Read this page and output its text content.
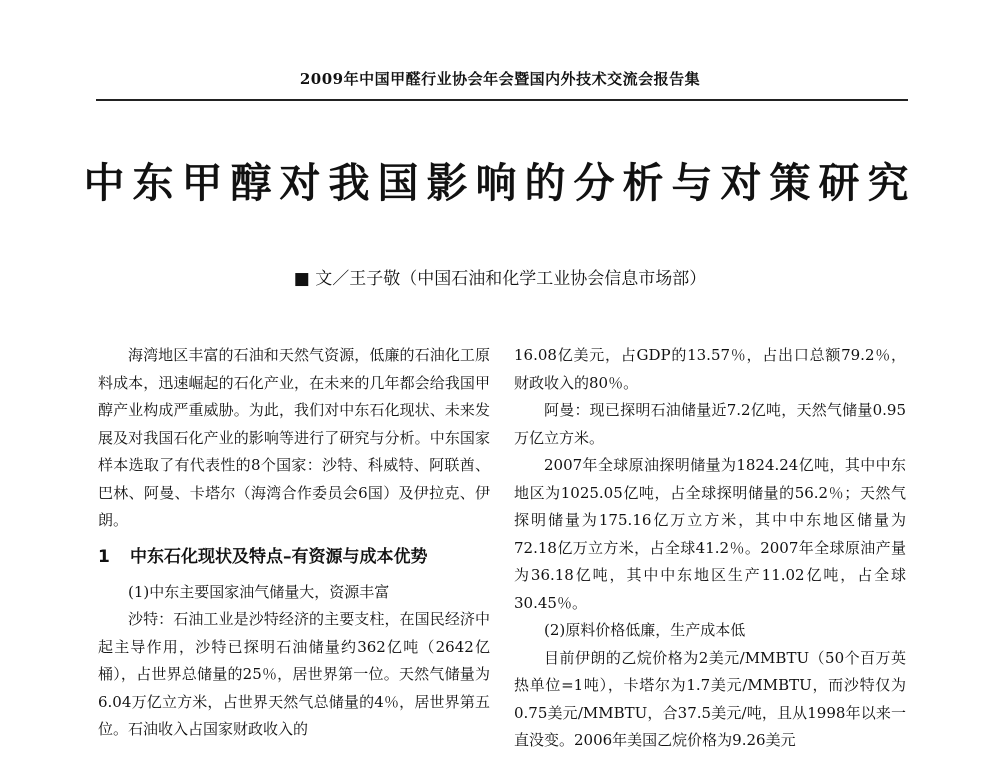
2009年中国甲醛行业协会年会暨国内外技术交流会报告集
中东甲醇对我国影响的分析与对策研究
■ 文／王子敬（中国石油和化学工业协会信息市场部）

海湾地区丰富的石油和天然气资源，低廉的石油化工原料成本，迅速崛起的石化产业，在未来的几年都会给我国甲醇产业构成严重威胁。为此，我们对中东石化现状、未来发展及对我国石化产业的影响等进行了研究与分析。中东国家样本选取了有代表性的8个国家：沙特、科威特、阿联酋、巴林、阿曼、卡塔尔（海湾合作委员会6国）及伊拉克、伊朗。

1 中东石化现状及特点–有资源与成本优势

(1)中东主要国家油气储量大，资源丰富

沙特：石油工业是沙特经济的主要支柱，在国民经济中起主导作用，沙特已探明石油储量约362亿吨（2642亿桶），占世界总储量的25％，居世界第一位。天然气储量为6.04万亿立方米，占世界天然气总储量的4％，居世界第五位。石油收入占国家财政收入的

16.08亿美元，占GDP的13.57％，占出口总额79.2％，财政收入的80％。

阿曼：现已探明石油储量近7.2亿吨，天然气储量0.95万亿立方米。

2007年全球原油探明储量为1824.24亿吨，其中中东地区为1025.05亿吨，占全球探明储量的56.2％；天然气探明储量为175.16亿万立方米，其中中东地区储量为72.18亿万立方米，占全球41.2％。2007年全球原油产量为36.18亿吨，其中中东地区生产11.02亿吨，占全球30.45％。

(2)原料价格低廉，生产成本低

目前伊朗的乙烷价格为2美元/MMBTU（50个百万英热单位=1吨），卡塔尔为1.7美元/MMBTU，而沙特仅为0.75美元/MMBTU，合37.5美元/吨，且从1998年以来一直没变。2006年美国乙烷价格为9.26美元
